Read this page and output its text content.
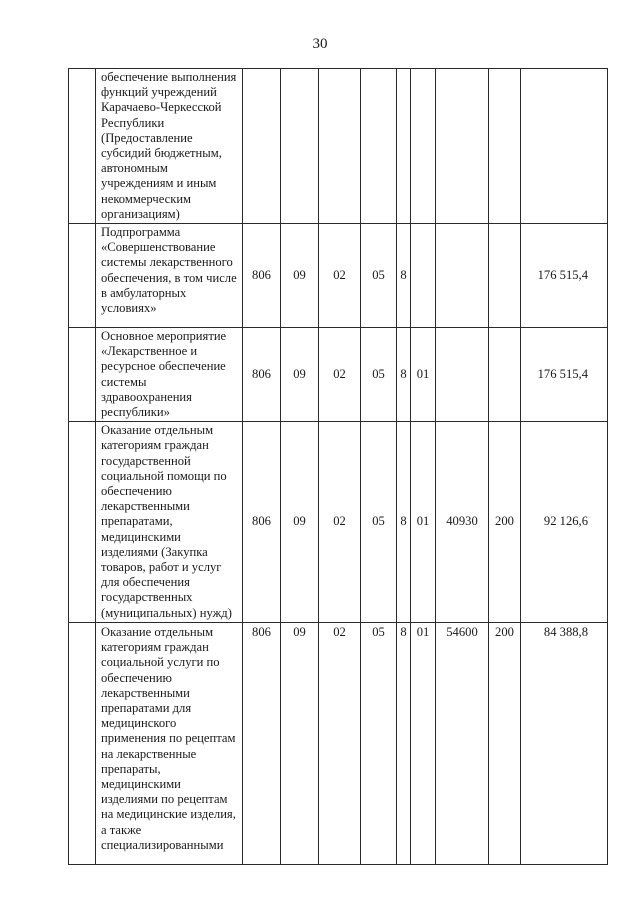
30
	обеспечение выполнения функций учреждений Карачаево-Черкесской Республики (Предоставление субсидий бюджетным, автономным учреждениям и иным некоммерческим организациям)									
	Подпрограмма «Совершенствование системы лекарственного обеспечения, в том числе в амбулаторных условиях»	806	09	02	05	8				176 515,4
	Основное мероприятие «Лекарственное и ресурсное обеспечение системы здравоохранения республики»	806	09	02	05	8	01			176 515,4
	Оказание отдельным категориям граждан государственной социальной помощи по обеспечению лекарственными препаратами, медицинскими изделиями (Закупка товаров, работ и услуг для обеспечения государственных (муниципальных) нужд)	806	09	02	05	8	01	40930	200	92 126,6
	Оказание отдельным категориям граждан социальной услуги по обеспечению лекарственными препаратами для медицинского применения по рецептам на лекарственные препараты, медицинскими изделиями по рецептам на медицинские изделия, а также специализированными	806	09	02	05	8	01	54600	200	84 388,8
